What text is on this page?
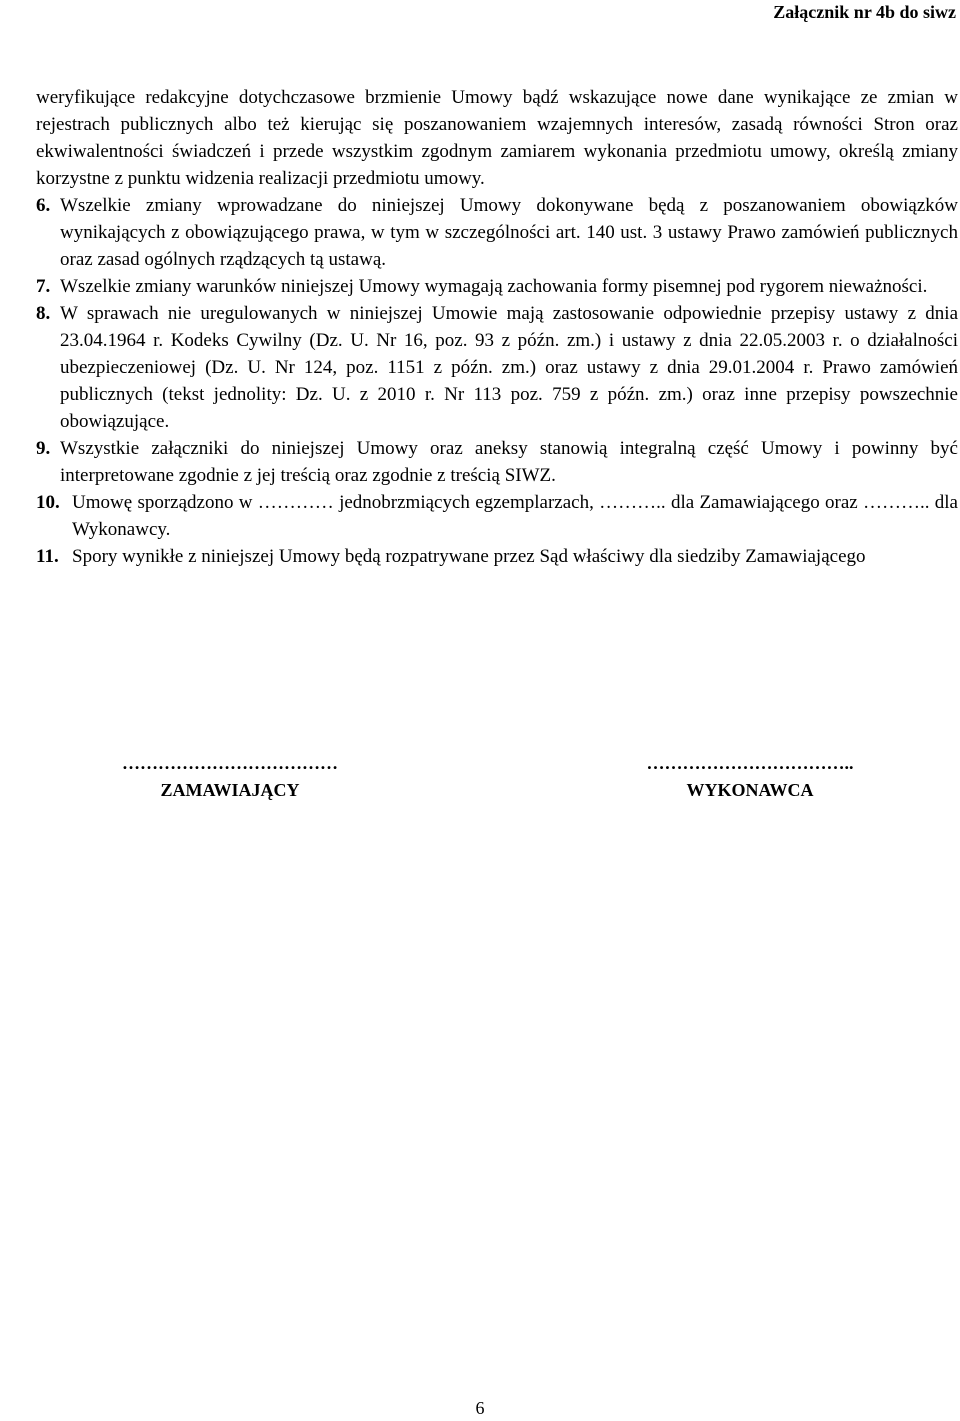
Załącznik nr 4b do siwz

weryfikujące redakcyjne dotychczasowe brzmienie Umowy bądź wskazujące nowe dane wynikające ze zmian w rejestrach publicznych albo też kierując się poszanowaniem wzajemnych interesów, zasadą równości Stron oraz ekwiwalentności świadczeń i przede wszystkim zgodnym zamiarem wykonania przedmiotu umowy, określą zmiany korzystne z punktu widzenia realizacji przedmiotu umowy.

6. Wszelkie zmiany wprowadzane do niniejszej Umowy dokonywane będą z poszanowaniem obowiązków wynikających z obowiązującego prawa, w tym w szczególności art. 140 ust. 3 ustawy Prawo zamówień publicznych oraz zasad ogólnych rządzących tą ustawą.
7. Wszelkie zmiany warunków niniejszej Umowy wymagają zachowania formy pisemnej pod rygorem nieważności.
8. W sprawach nie uregulowanych w niniejszej Umowie mają zastosowanie odpowiednie przepisy ustawy z dnia 23.04.1964 r. Kodeks Cywilny (Dz. U. Nr 16, poz. 93 z późn. zm.) i ustawy z dnia 22.05.2003 r. o działalności ubezpieczeniowej (Dz. U. Nr 124, poz. 1151 z późn. zm.) oraz ustawy z dnia 29.01.2004 r. Prawo zamówień publicznych (tekst jednolity: Dz. U. z 2010 r. Nr 113 poz. 759 z późn. zm.) oraz inne przepisy powszechnie obowiązujące.
9. Wszystkie załączniki do niniejszej Umowy oraz aneksy stanowią integralną część Umowy i powinny być interpretowane zgodnie z jej treścią oraz zgodnie z treścią SIWZ.
10. Umowę sporządzono w ………… jednobrzmiących egzemplarzach, ……….. dla Zamawiającego oraz ……….. dla Wykonawcy.
11. Spory wynikłe z niniejszej Umowy będą rozpatrywane przez Sąd właściwy dla siedziby Zamawiającego
………………………………
ZAMAWIAJĄCY
……………………………..
WYKONAWCA
6
